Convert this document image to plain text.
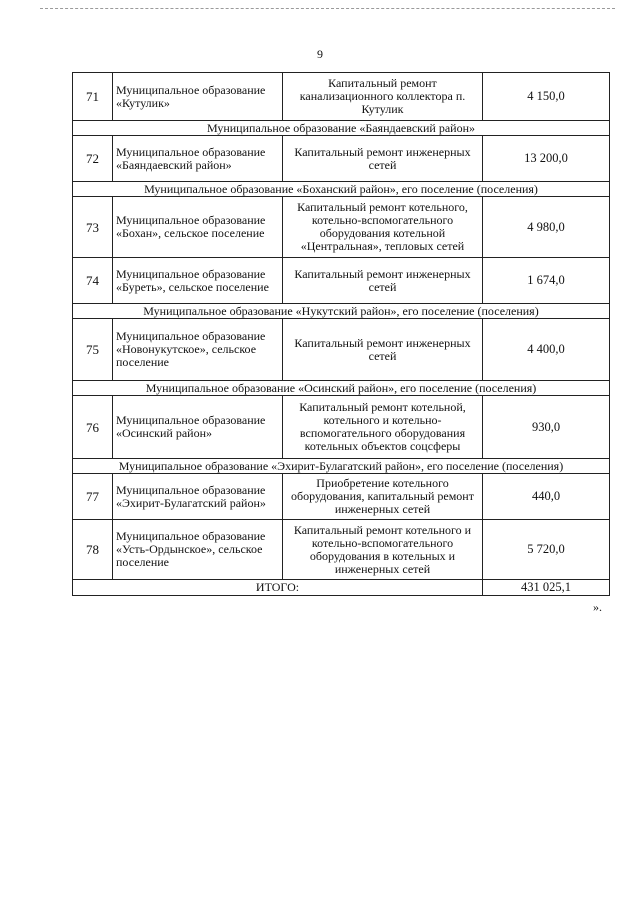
9
71	Муниципальное образование «Кутулик»	Капитальный ремонт канализационного коллектора п. Кутулик	4 150,0
Муниципальное образование «Баяндаевский район»			
72	Муниципальное образование «Баяндаевский район»	Капитальный ремонт инженерных сетей	13 200,0
Муниципальное образование «Боханский район», его поселение (поселения)			
73	Муниципальное образование «Бохан», сельское поселение	Капитальный ремонт котельного, котельно-вспомогательного оборудования котельной «Центральная», тепловых сетей	4 980,0
74	Муниципальное образование «Буреть», сельское поселение	Капитальный ремонт инженерных сетей	1 674,0
Муниципальное образование «Нукутский район», его поселение (поселения)			
75	Муниципальное образование «Новонукутское», сельское поселение	Капитальный ремонт инженерных сетей	4 400,0
Муниципальное образование «Осинский район», его поселение (поселения)			
76	Муниципальное образование «Осинский район»	Капитальный ремонт котельной, котельного и котельно-вспомогательного оборудования котельных объектов соцсферы	930,0
Муниципальное образование «Эхирит-Булагатский район», его поселение (поселения)			
77	Муниципальное образование «Эхирит-Булагатский район»	Приобретение котельного оборудования, капитальный ремонт инженерных сетей	440,0
78	Муниципальное образование «Усть-Ордынское», сельское поселение	Капитальный ремонт котельного и котельно-вспомогательного оборудования в котельных и инженерных сетей	5 720,0
ИТОГО:			431 025,1
».
